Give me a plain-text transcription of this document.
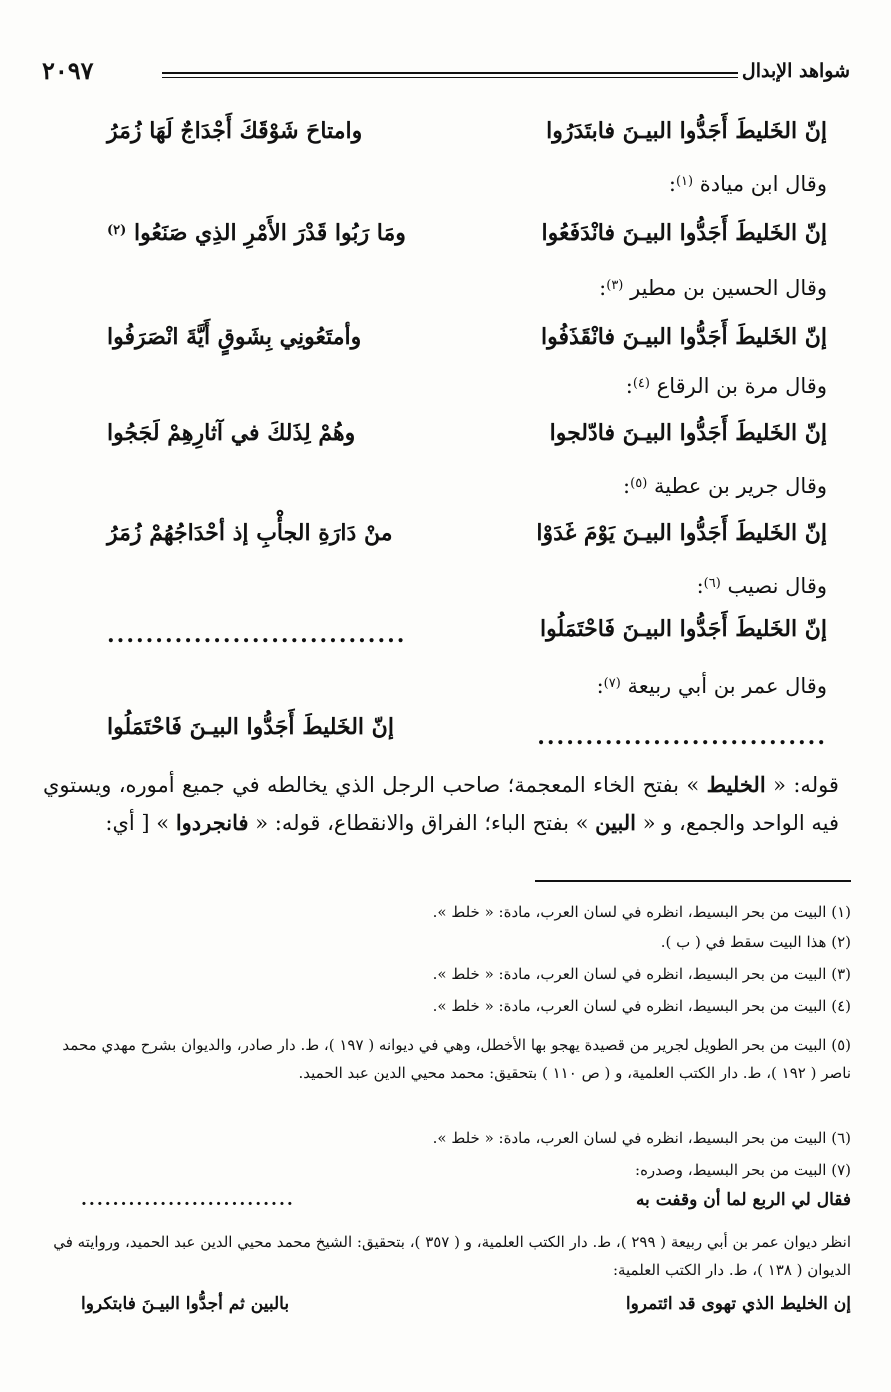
شواهد الإبدال
٢٠٩٧
إنّ الخَليطَ أَجَدُّوا البيـنَ فابتَدَرُوا
وامتاحَ شَوْقَكَ أَجْدَاجٌ لَهَا زُمَرُ
وقال ابن ميادة $^{(١)}$:
إنّ الخَليطَ أَجَدُّوا البيـنَ فانْدَفَعُوا
ومَا رَبُوا قَدْرَ الأَمْرِ الذِي صَنَعُوا $^{(٢)}$
وقال الحسين بن مطير $^{(٣)}$:
إنّ الخَليطَ أَجَدُّوا البيـنَ فانْقَذَفُوا
وأمتَعُونِي بِشَوقٍ أَيَّةَ انْصَرَفُوا
وقال مرة بن الرقاع $^{(٤)}$:
إنّ الخَليطَ أَجَدُّوا البيـنَ فادّلجوا
وهُمْ لِذَلكَ في آثارِهِمْ لَجَجُوا
وقال جرير بن عطية $^{(٥)}$:
إنّ الخَليطَ أَجَدُّوا البيـنَ يَوْمَ غَدَوْا
منْ دَارَةِ الجأْبِ إذ أحْدَاجُهُمْ زُمَرُ
وقال نصيب $^{(٦)}$:
إنّ الخَليطَ أَجَدُّوا البيـنَ فَاحْتَمَلُوا
...............................
وقال عمر بن أبي ربيعة $^{(٧)}$:
..............................
إنّ الخَليطَ أَجَدُّوا البيـنَ فَاحْتَمَلُوا
قوله: « الخليط » بفتح الخاء المعجمة؛ صاحب الرجل الذي يخالطه في جميع أموره، ويستوي فيه الواحد والجمع، و « البين » بفتح الباء؛ الفراق والانقطاع، قوله: « فانجردوا » [ أي:
(١) البيت من بحر البسيط، انظره في لسان العرب، مادة: « خلط ».
(٢) هذا البيت سقط في ( ب ).
(٣) البيت من بحر البسيط، انظره في لسان العرب، مادة: « خلط ».
(٤) البيت من بحر البسيط، انظره في لسان العرب، مادة: « خلط ».
(٥) البيت من بحر الطويل لجرير من قصيدة يهجو بها الأخطل، وهي في ديوانه ( ١٩٧ )، ط. دار صادر، والديوان بشرح مهدي محمد ناصر ( ١٩٢ )، ط. دار الكتب العلمية، و ( ص ١١٠ ) بتحقيق: محمد محيي الدين عبد الحميد.
(٦) البيت من بحر البسيط، انظره في لسان العرب، مادة: « خلط ».
(٧) البيت من بحر البسيط، وصدره:
فقال لي الربع لما أن وقفت به
...........................
انظر ديوان عمر بن أبي ربيعة ( ٢٩٩ )، ط. دار الكتب العلمية، و ( ٣٥٧ )، بتحقيق: الشيخ محمد محيي الدين عبد الحميد، وروايته في الديوان ( ١٣٨ )، ط. دار الكتب العلمية:
إن الخليط الذي تهوى قد ائتمروا
بالبين ثم أجدُّوا البيـنَ فابتكروا
